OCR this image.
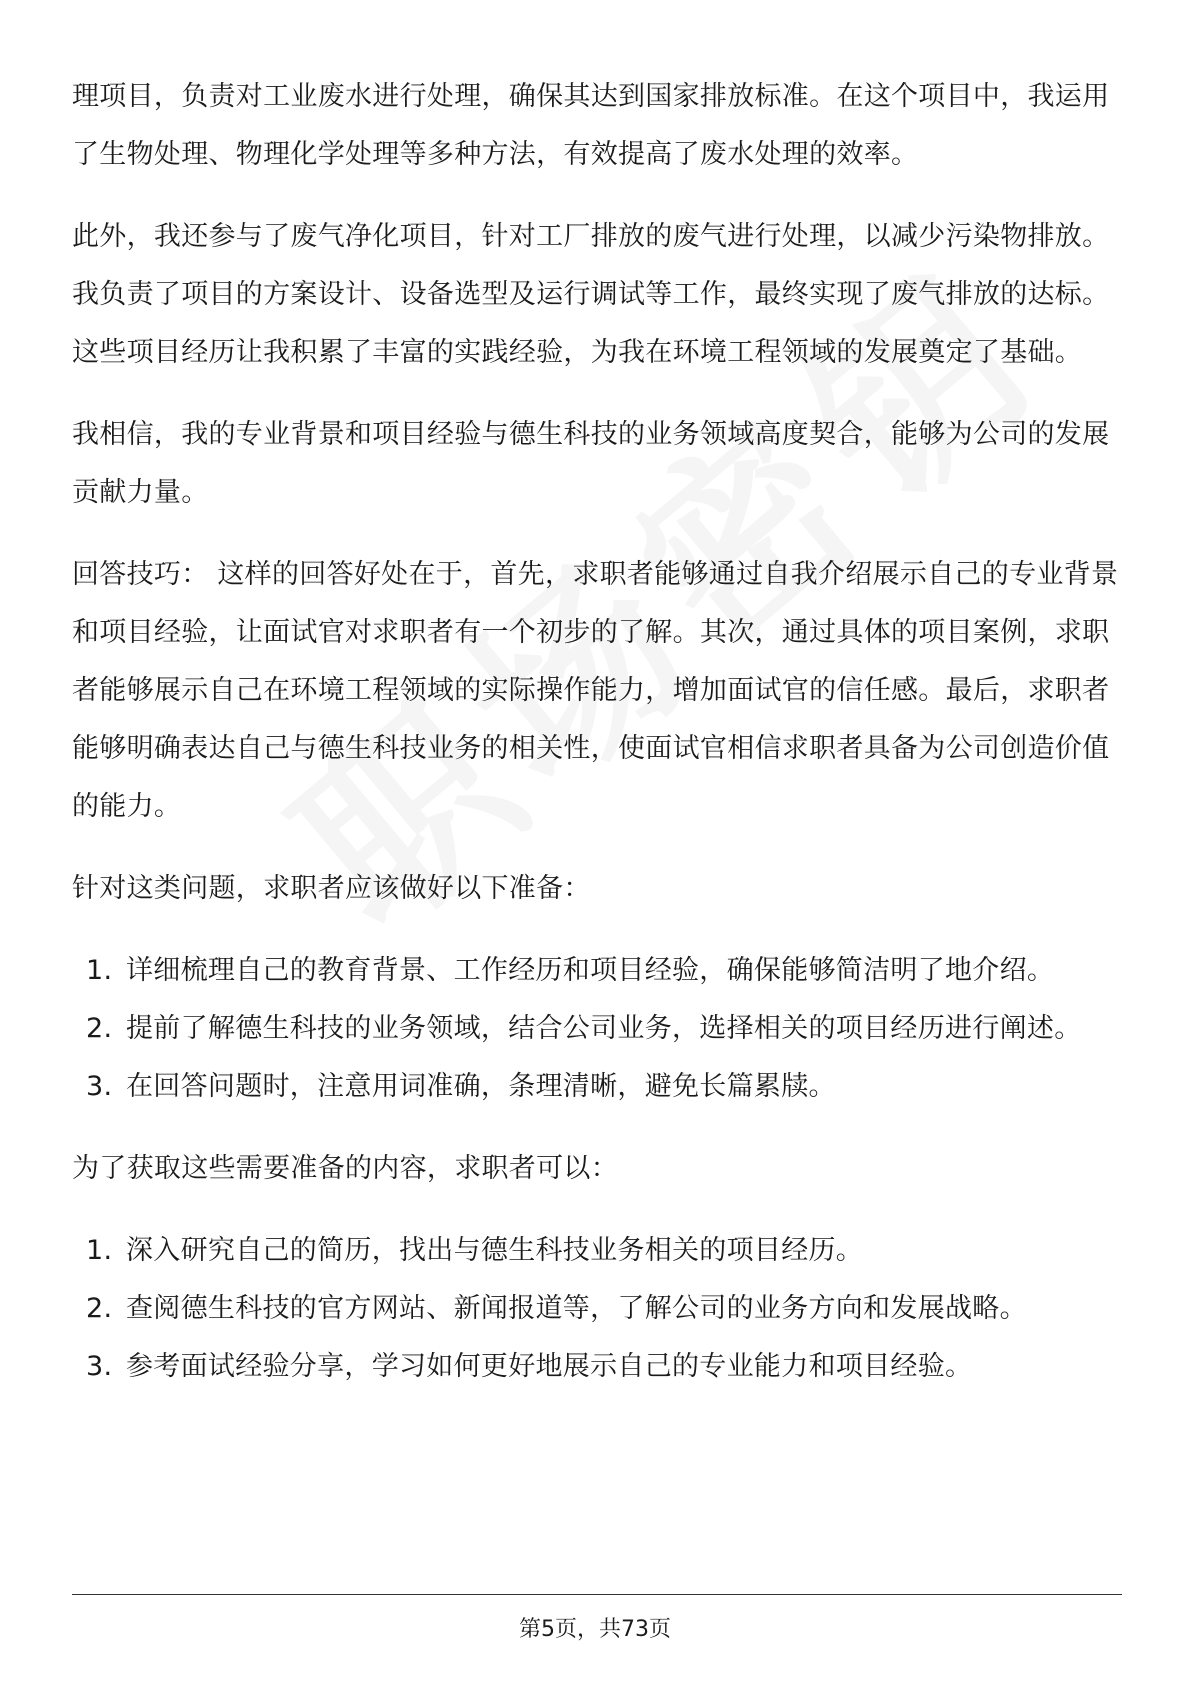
理项目，负责对工业废水进行处理，确保其达到国家排放标准。在这个项目中，我运用了生物处理、物理化学处理等多种方法，有效提高了废水处理的效率。

此外，我还参与了废气净化项目，针对工厂排放的废气进行处理，以减少污染物排放。我负责了项目的方案设计、设备选型及运行调试等工作，最终实现了废气排放的达标。这些项目经历让我积累了丰富的实践经验，为我在环境工程领域的发展奠定了基础。

我相信，我的专业背景和项目经验与德生科技的业务领域高度契合，能够为公司的发展贡献力量。

回答技巧： 这样的回答好处在于，首先，求职者能够通过自我介绍展示自己的专业背景和项目经验，让面试官对求职者有一个初步的了解。其次，通过具体的项目案例，求职者能够展示自己在环境工程领域的实际操作能力，增加面试官的信任感。最后，求职者能够明确表达自己与德生科技业务的相关性，使面试官相信求职者具备为公司创造价值的能力。

针对这类问题，求职者应该做好以下准备：

1. 详细梳理自己的教育背景、工作经历和项目经验，确保能够简洁明了地介绍。
2. 提前了解德生科技的业务领域，结合公司业务，选择相关的项目经历进行阐述。
3. 在回答问题时，注意用词准确，条理清晰，避免长篇累牍。

为了获取这些需要准备的内容，求职者可以：

1. 深入研究自己的简历，找出与德生科技业务相关的项目经历。
2. 查阅德生科技的官方网站、新闻报道等，了解公司的业务方向和发展战略。
3. 参考面试经验分享，学习如何更好地展示自己的专业能力和项目经验。
第5页，共73页
